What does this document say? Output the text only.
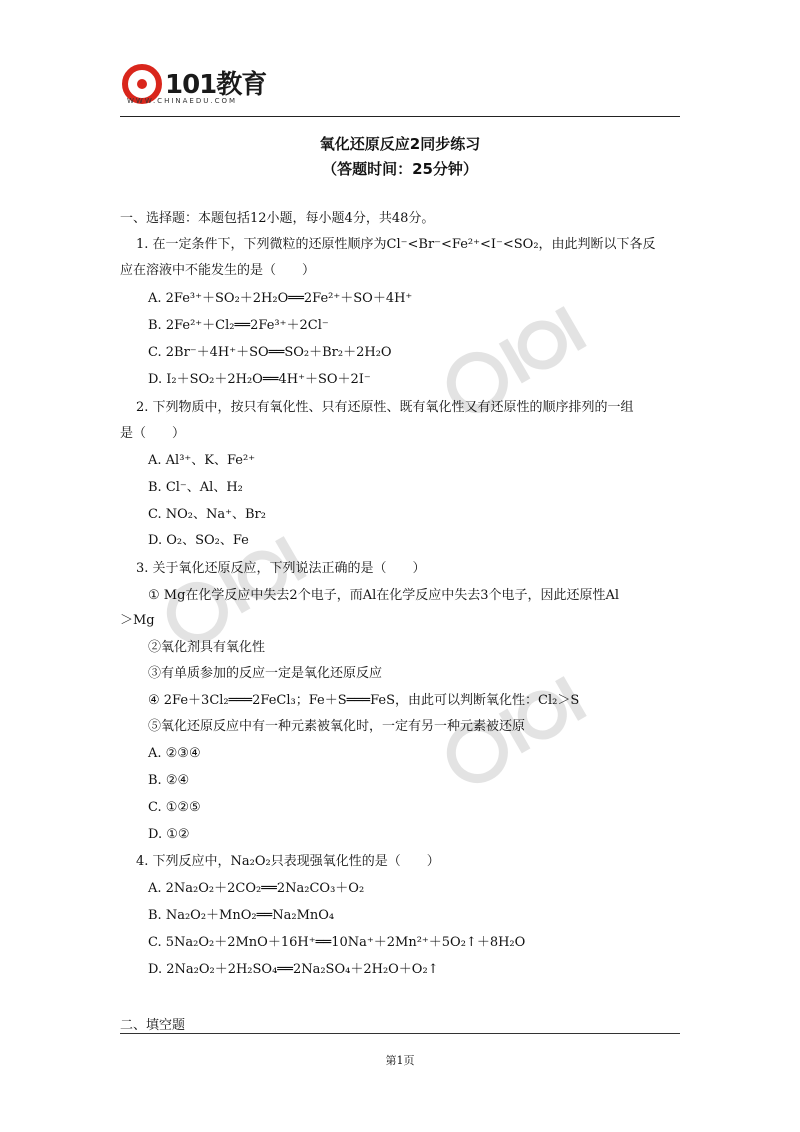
101教育
WWW.CHINAEDU.COM
氧化还原反应2同步练习
（答题时间：25分钟）
一、选择题：本题包括12小题，每小题4分，共48分。
1. 在一定条件下，下列微粒的还原性顺序为Cl⁻<Br⁻<Fe²⁺<I⁻<SO₂，由此判断以下各反
应在溶液中不能发生的是（　　）
A. 2Fe³⁺＋SO₂＋2H₂O══2Fe²⁺＋SO＋4H⁺
B. 2Fe²⁺＋Cl₂══2Fe³⁺＋2Cl⁻
C. 2Br⁻＋4H⁺＋SO══SO₂＋Br₂＋2H₂O
D. I₂＋SO₂＋2H₂O══4H⁺＋SO＋2I⁻
2. 下列物质中，按只有氧化性、只有还原性、既有氧化性又有还原性的顺序排列的一组
是（　　）
A. Al³⁺、K、Fe²⁺
B. Cl⁻、Al、H₂
C. NO₂、Na⁺、Br₂
D. O₂、SO₂、Fe
3. 关于氧化还原反应，下列说法正确的是（　　）
① Mg在化学反应中失去2个电子，而Al在化学反应中失去3个电子，因此还原性Al
＞Mg
②氧化剂具有氧化性
③有单质参加的反应一定是氧化还原反应
④ 2Fe＋3Cl₂═══2FeCl₃；Fe＋S═══FeS，由此可以判断氧化性：Cl₂＞S
⑤氧化还原反应中有一种元素被氧化时，一定有另一种元素被还原
A. ②③④
B. ②④
C. ①②⑤
D. ①②
4. 下列反应中，Na₂O₂只表现强氧化性的是（　　）
A. 2Na₂O₂＋2CO₂══2Na₂CO₃＋O₂
B. Na₂O₂＋MnO₂══Na₂MnO₄
C. 5Na₂O₂＋2MnO＋16H⁺══10Na⁺＋2Mn²⁺＋5O₂↑＋8H₂O
D. 2Na₂O₂＋2H₂SO₄══2Na₂SO₄＋2H₂O＋O₂↑
二、填空题
第1页
